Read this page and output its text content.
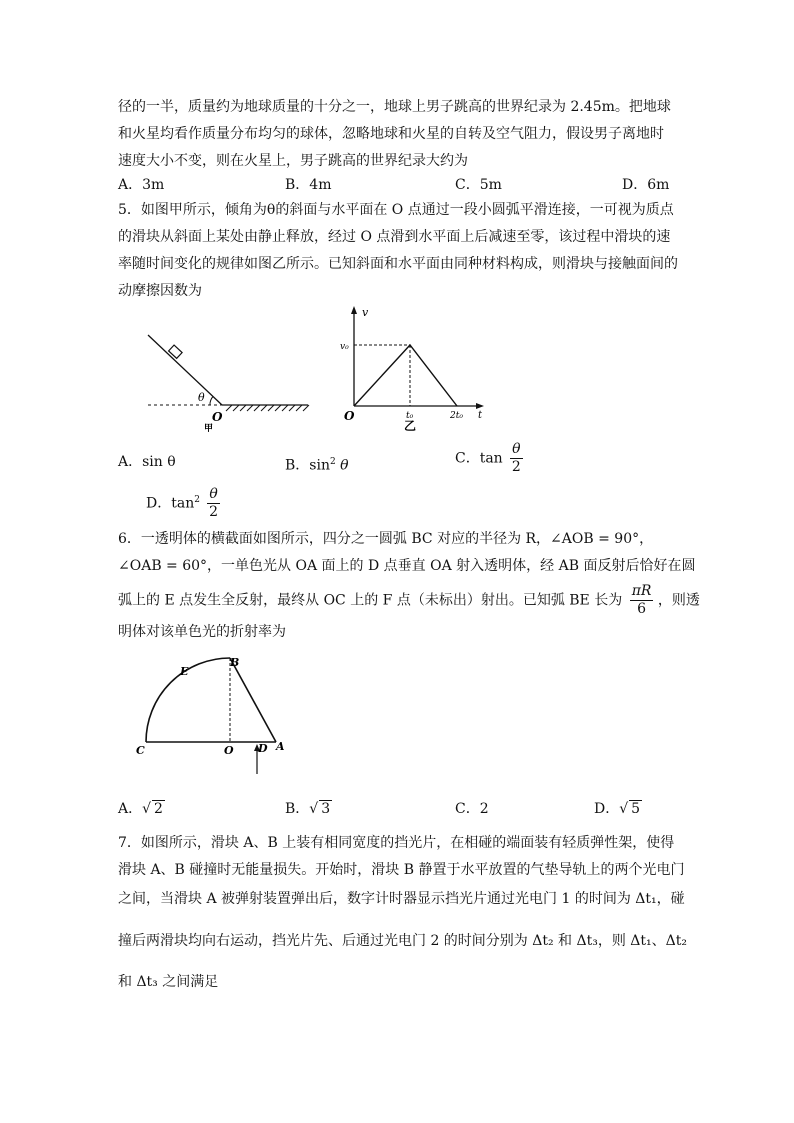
径的一半，质量约为地球质量的十分之一，地球上男子跳高的世界纪录为 2.45m。把地球
和火星均看作质量分布均匀的球体，忽略地球和火星的自转及空气阻力，假设男子离地时
速度大小不变，则在火星上，男子跳高的世界纪录大约为
A．3m	B．4m	C．5m	D．6m
5．如图甲所示，倾角为θ的斜面与水平面在 O 点通过一段小圆弧平滑连接，一可视为质点
的滑块从斜面上某处由静止释放，经过 O 点滑到水平面上后减速至零，该过程中滑块的速
率随时间变化的规律如图乙所示。已知斜面和水平面由同种材料构成，则滑块与接触面间的
动摩擦因数为
θ
O
甲
v
v₀
O	t₀	2t₀ t
乙
A．sin θ	B．$\sin^2 \theta$	C．$\tan \frac{\theta}{2}$
D．$\tan^2 \frac{\theta}{2}$
6．一透明体的横截面如图所示，四分之一圆弧 BC 对应的半径为 R，∠AOB = 90°，
∠OAB = 60°，一单色光从 OA 面上的 D 点垂直 OA 射入透明体，经 AB 面反射后恰好在圆
弧上的 E 点发生全反射，最终从 OC 上的 F 点（未标出）射出。已知弧 BE 长为 $\frac{\pi R}{6}$ ，则透
明体对该单色光的折射率为
E
B
C	O D A
A．√ 2	B．√ 3	C．2	D．√ 5
7．如图所示，滑块 A、B 上装有相同宽度的挡光片，在相碰的端面装有轻质弹性架，使得
滑块 A、B 碰撞时无能量损失。开始时，滑块 B 静置于水平放置的气垫导轨上的两个光电门
之间，当滑块 A 被弹射装置弹出后，数字计时器显示挡光片通过光电门 1 的时间为 Δt₁，碰
撞后两滑块均向右运动，挡光片先、后通过光电门 2 的时间分别为 Δt₂ 和 Δt₃，则 Δt₁、Δt₂
和 Δt₃ 之间满足
